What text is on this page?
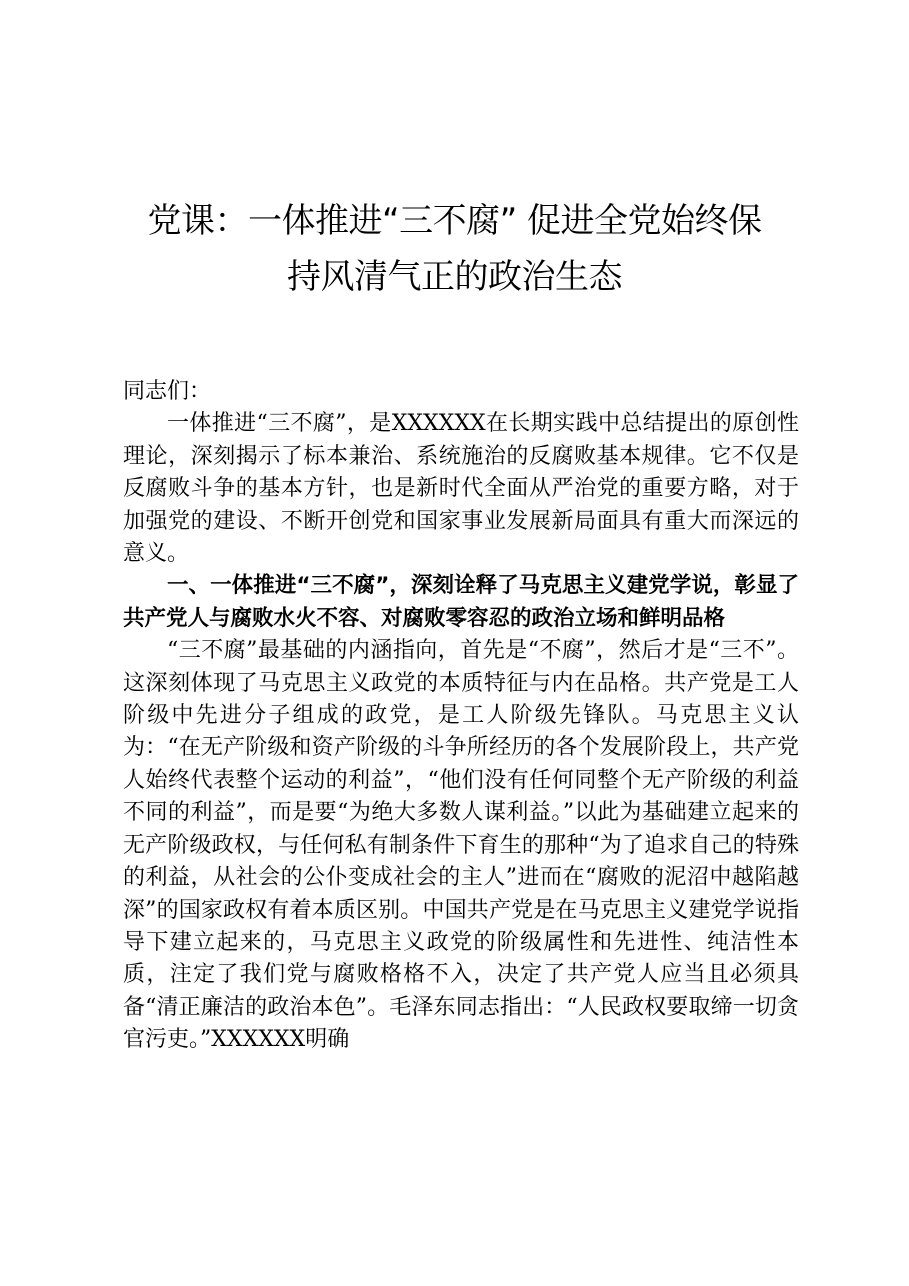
党课：一体推进“三不腐” 促进全党始终保
持风清气正的政治生态

同志们：

一体推进“三不腐”，是XXXXXX在长期实践中总结提出的原创性理论，深刻揭示了标本兼治、系统施治的反腐败基本规律。它不仅是反腐败斗争的基本方针，也是新时代全面从严治党的重要方略，对于加强党的建设、不断开创党和国家事业发展新局面具有重大而深远的意义。

一、一体推进“三不腐”，深刻诠释了马克思主义建党学说，彰显了共产党人与腐败水火不容、对腐败零容忍的政治立场和鲜明品格

“三不腐”最基础的内涵指向，首先是“不腐”，然后才是“三不”。这深刻体现了马克思主义政党的本质特征与内在品格。共产党是工人阶级中先进分子组成的政党，是工人阶级先锋队。马克思主义认为：“在无产阶级和资产阶级的斗争所经历的各个发展阶段上，共产党人始终代表整个运动的利益”，“他们没有任何同整个无产阶级的利益不同的利益”，而是要“为绝大多数人谋利益。”以此为基础建立起来的无产阶级政权，与任何私有制条件下育生的那种“为了追求自己的特殊的利益，从社会的公仆变成社会的主人”进而在“腐败的泥沼中越陷越深”的国家政权有着本质区别。中国共产党是在马克思主义建党学说指导下建立起来的，马克思主义政党的阶级属性和先进性、纯洁性本质，注定了我们党与腐败格格不入，决定了共产党人应当且必须具备“清正廉洁的政治本色”。毛泽东同志指出：“人民政权要取缔一切贪官污吏。”XXXXXX明确
